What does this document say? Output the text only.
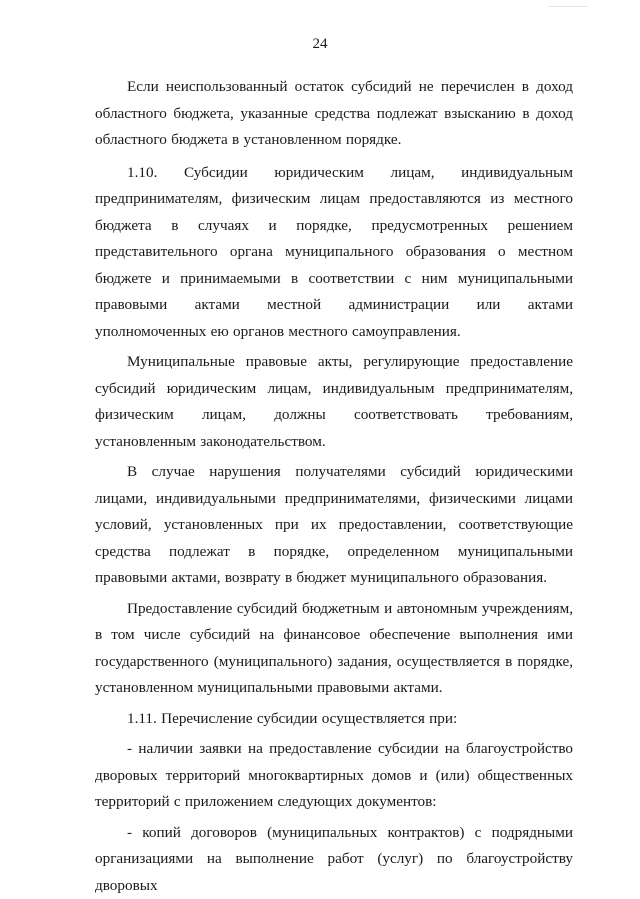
24

Если неиспользованный остаток субсидий не перечислен в доход областного бюджета, указанные средства подлежат взысканию в доход областного бюджета в установленном порядке.

1.10. Субсидии юридическим лицам, индивидуальным предпринимателям, физическим лицам предоставляются из местного бюджета в случаях и порядке, предусмотренных решением представительного органа муниципального образования о местном бюджете и принимаемыми в соответствии с ним муниципальными правовыми актами местной администрации или актами уполномоченных ею органов местного самоуправления.

Муниципальные правовые акты, регулирующие предоставление субсидий юридическим лицам, индивидуальным предпринимателям, физическим лицам, должны соответствовать требованиям, установленным законодательством.

В случае нарушения получателями субсидий юридическими лицами, индивидуальными предпринимателями, физическими лицами условий, установленных при их предоставлении, соответствующие средства подлежат в порядке, определенном муниципальными правовыми актами, возврату в бюджет муниципального образования.

Предоставление субсидий бюджетным и автономным учреждениям, в том числе субсидий на финансовое обеспечение выполнения ими государственного (муниципального) задания, осуществляется в порядке, установленном муниципальными правовыми актами.

1.11. Перечисление субсидии осуществляется при:

- наличии заявки на предоставление субсидии на благоустройство дворовых территорий многоквартирных домов и (или) общественных территорий с приложением следующих документов:

- копий договоров (муниципальных контрактов) с подрядными организациями на выполнение работ (услуг) по благоустройству дворовых
